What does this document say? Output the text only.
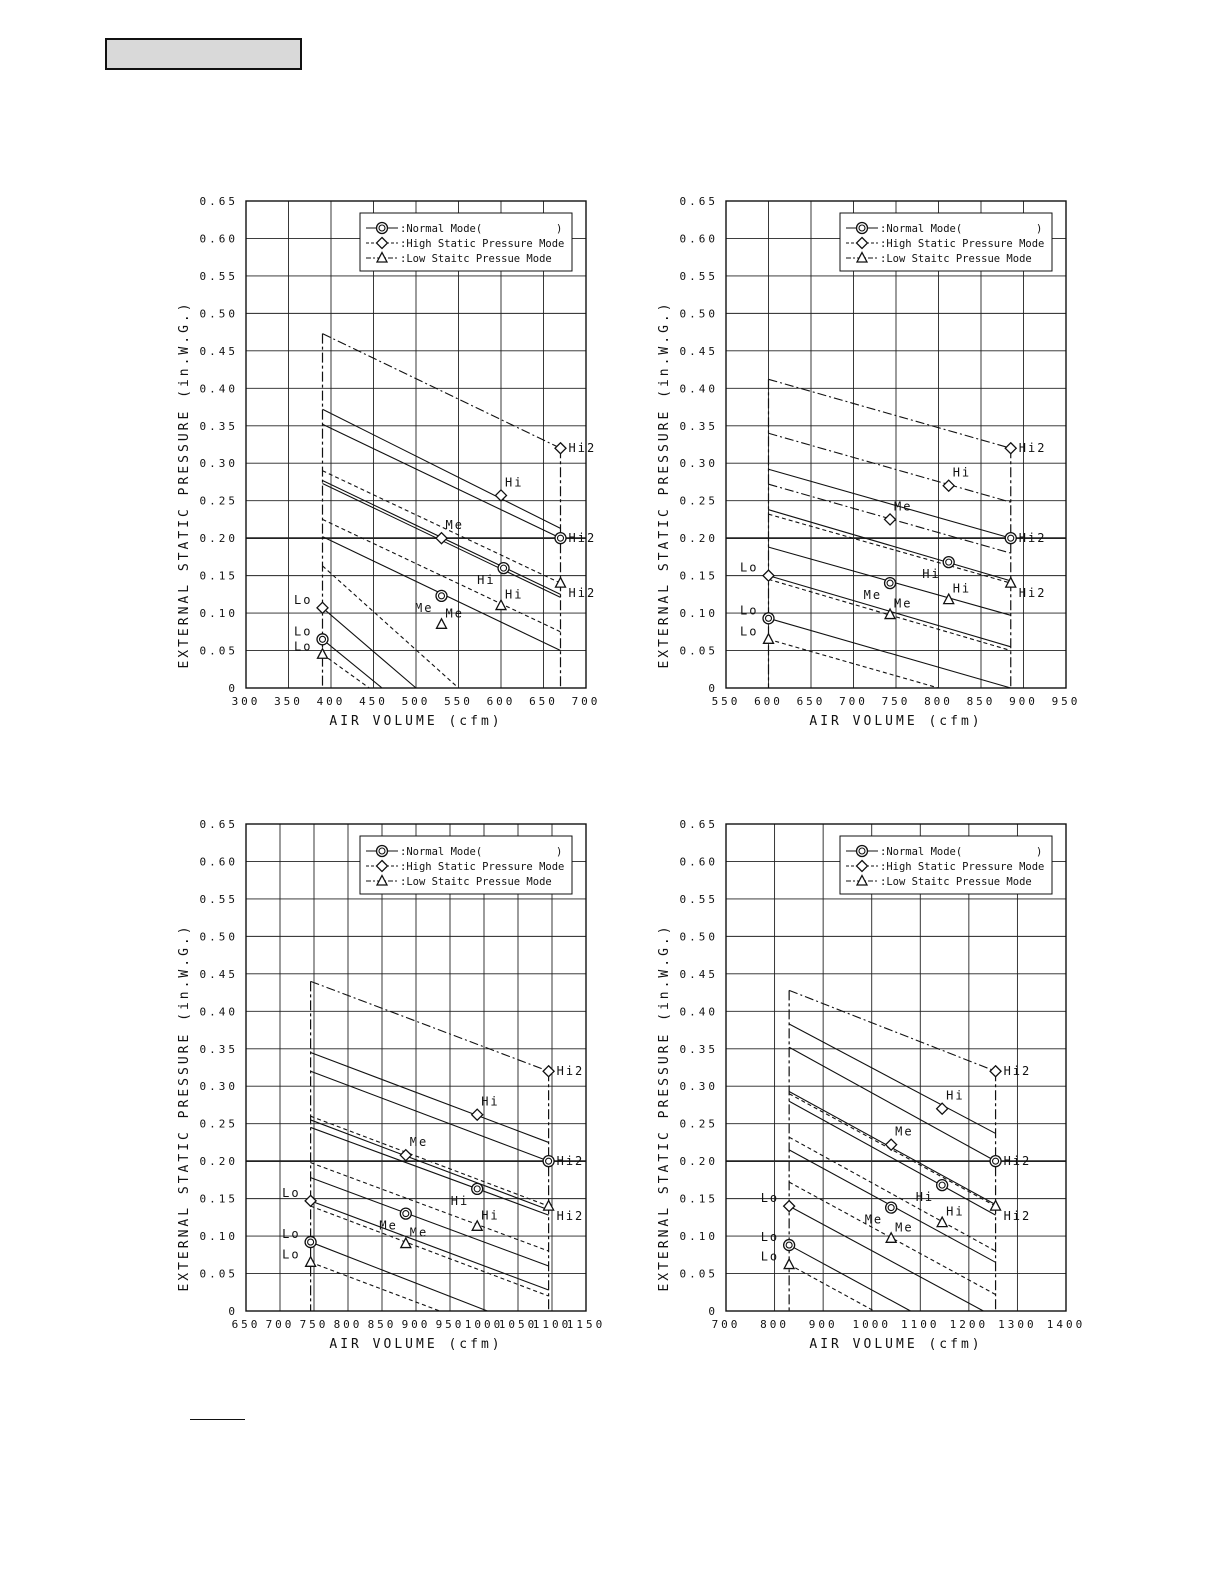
300 350 400 450 500 550 600 650 700
0
0.05
0.10
0.15
0.20
0.25
0.30
0.35
0.40
0.45
0.50
0.55
0.60
0.65
AIR VOLUME (cfm)
EXTERNAL STATIC PRESSURE (in.W.G.)	Hi2
Hi
Me
Lo
Hi2
Hi
Me
Lo
Hi2
Hi
Me
Lo
:Normal Mode(	)
:High Static Pressure Mode
:Low Staitc Pressue Mode
550 600 650 700 750 800 850 900 950
0
0.05
0.10
0.15
0.20
0.25
0.30
0.35
0.40
0.45
0.50
0.55
0.60
0.65
AIR VOLUME (cfm)
EXTERNAL STATIC PRESSURE (in.W.G.)	Hi2
Hi
Me
Lo
Hi2
Hi
Me
Lo
Hi2
Hi
Me
Lo
:Normal Mode(	)
:High Static Pressure Mode
:Low Staitc Pressue Mode
650 700 750 800 850 900 950 1000
1050
1100
1150
0
0.05
0.10
0.15
0.20
0.25
0.30
0.35
0.40
0.45
0.50
0.55
0.60
0.65
AIR VOLUME (cfm)
EXTERNAL STATIC PRESSURE (in.W.G.)	Hi2
Hi
Me
Lo
Hi2
Hi
Me
Lo
Hi2
Hi
Me
Lo
:Normal Mode(	)
:High Static Pressure Mode
:Low Staitc Pressue Mode
700 800 900 1000 1100 1200 1300 1400
0
0.05
0.10
0.15
0.20
0.25
0.30
0.35
0.40
0.45
0.50
0.55
0.60
0.65
AIR VOLUME (cfm)
EXTERNAL STATIC PRESSURE (in.W.G.)	Hi2
Hi
Me
Lo
Hi2
Hi
Me
Lo
Hi2
Hi
Me
Lo
:Normal Mode(	)
:High Static Pressure Mode
:Low Staitc Pressue Mode
